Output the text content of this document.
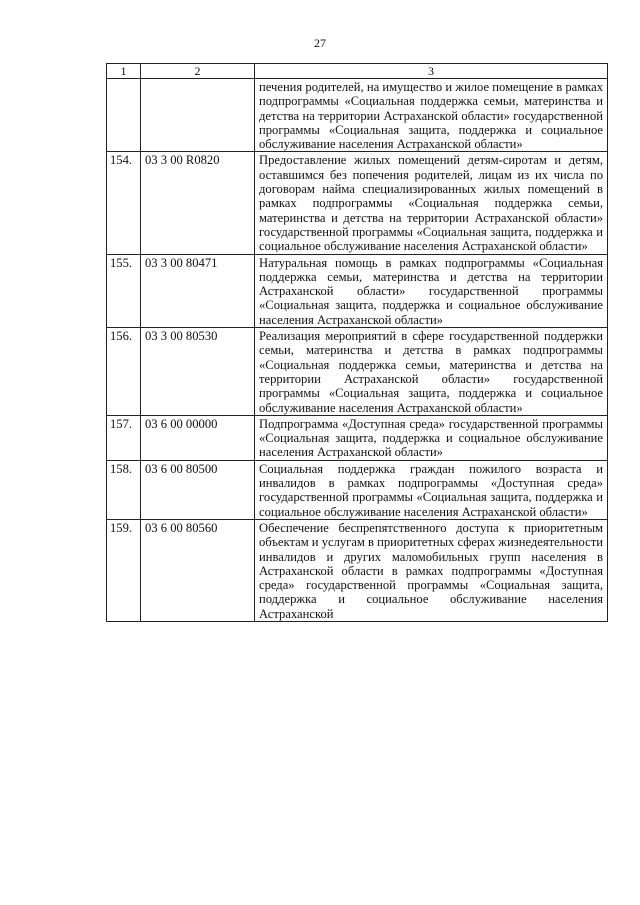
27
1	2	3
		печения родителей, на имущество и жилое помещение в рамках подпрограммы «Социальная поддержка семьи, материнства и детства на территории Астраханской области» государственной программы «Социальная защита, поддержка и социальное обслуживание населения Астраханской области»
154.	03 3 00 R0820	Предоставление жилых помещений детям-сиротам и детям, оставшимся без попечения родителей, лицам из их числа по договорам найма специализированных жилых помещений в рамках подпрограммы «Социальная поддержка семьи, материнства и детства на территории Астраханской области» государственной программы «Социальная защита, поддержка и социальное обслуживание населения Астраханской области»
155.	03 3 00 80471	Натуральная помощь в рамках подпрограммы «Социальная поддержка семьи, материнства и детства на территории Астраханской области» государственной программы «Социальная защита, поддержка и социальное обслуживание населения Астраханской области»
156.	03 3 00 80530	Реализация мероприятий в сфере государственной поддержки семьи, материнства и детства в рамках подпрограммы «Социальная поддержка семьи, материнства и детства на территории Астраханской области» государственной программы «Социальная защита, поддержка и социальное обслуживание населения Астраханской области»
157.	03 6 00 00000	Подпрограмма «Доступная среда» государственной программы «Социальная защита, поддержка и социальное обслуживание населения Астраханской области»
158.	03 6 00 80500	Социальная поддержка граждан пожилого возраста и инвалидов в рамках подпрограммы «Доступная среда» государственной программы «Социальная защита, поддержка и социальное обслуживание населения Астраханской области»
159.	03 6 00 80560	Обеспечение беспрепятственного доступа к приоритетным объектам и услугам в приоритетных сферах жизнедеятельности инвалидов и других маломобильных групп населения в Астраханской области в рамках подпрограммы «Доступная среда» государственной программы «Социальная защита, поддержка и социальное обслуживание населения Астраханской
